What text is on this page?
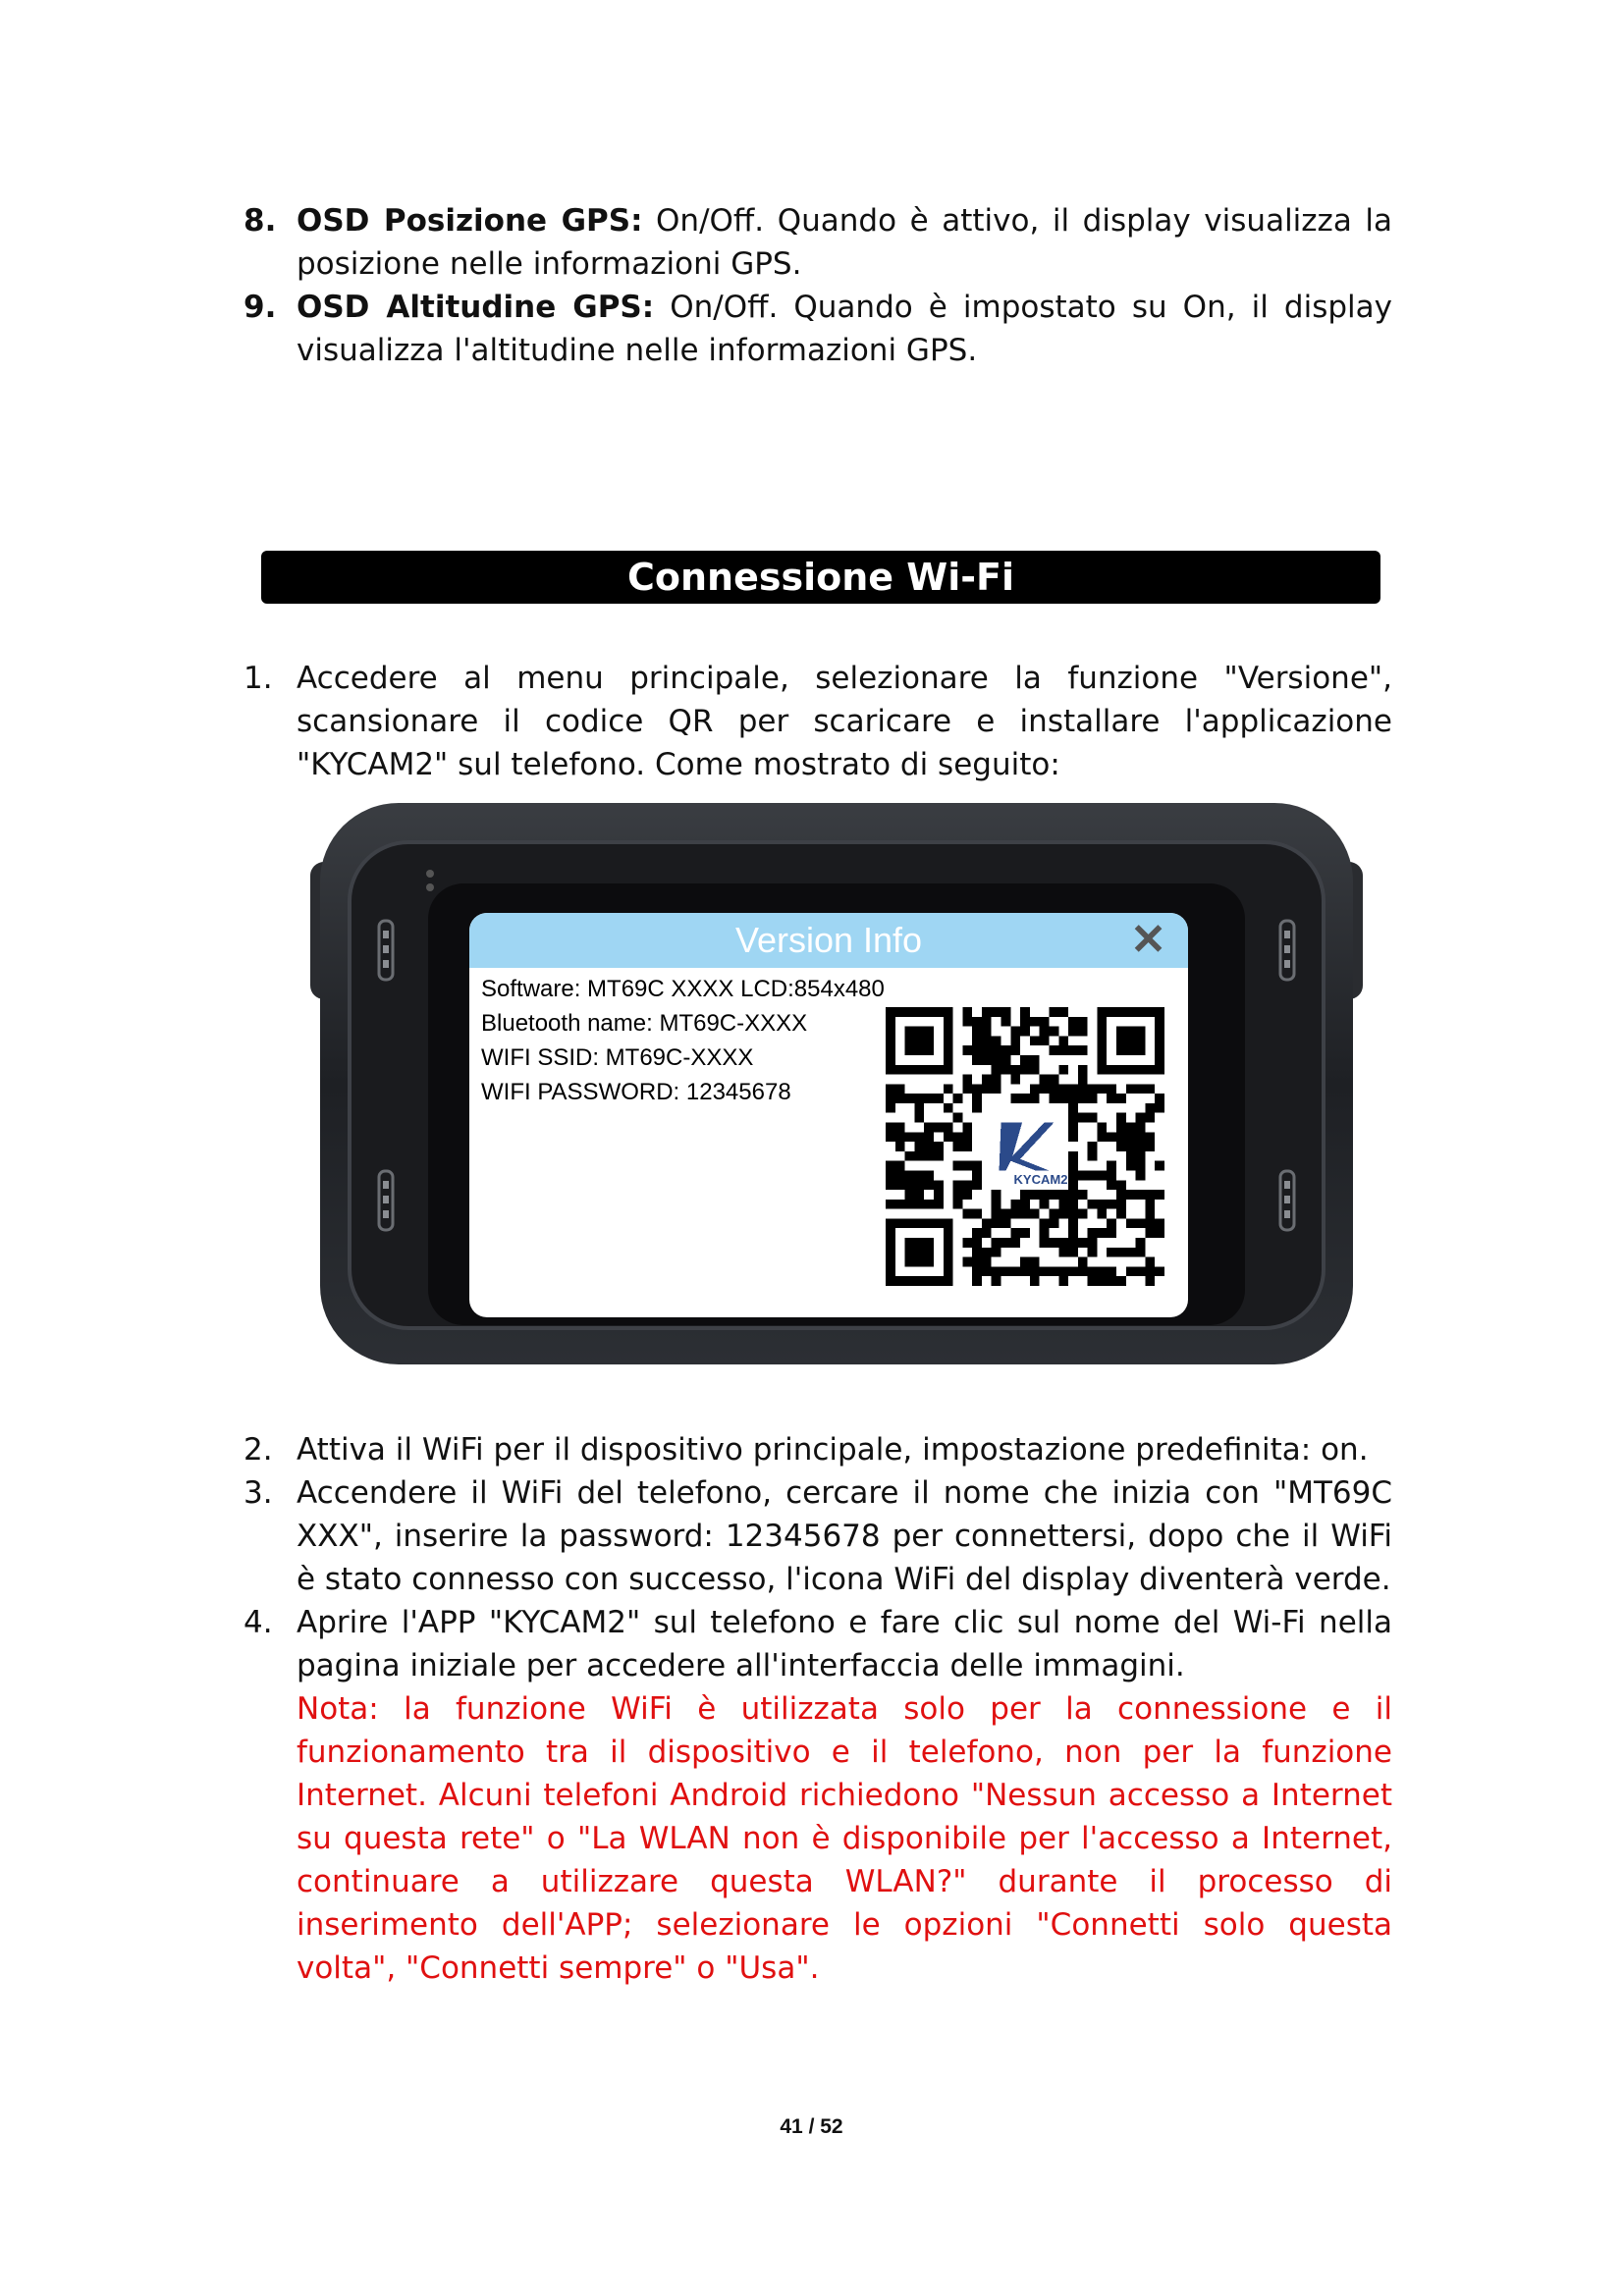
8. OSD Posizione GPS: On/Off. Quando è attivo, il display visualizza la posizione nelle informazioni GPS.
9. OSD Altitudine GPS: On/Off. Quando è impostato su On, il display visualizza l'altitudine nelle informazioni GPS.
Connessione Wi-Fi
1. Accedere al menu principale, selezionare la funzione "Versione", scansionare il codice QR per scaricare e installare l'applicazione "KYCAM2" sul telefono. Come mostrato di seguito:
Version Info	✕
Software: MT69C XXXX LCD:854x480
Bluetooth name: MT69C-XXXX
WIFI SSID: MT69C-XXXX
WIFI PASSWORD: 12345678
KYCAM2
2. Attiva il WiFi per il dispositivo principale, impostazione predefinita: on.
3. Accendere il WiFi del telefono, cercare il nome che inizia con "MT69C XXX", inserire la password: 12345678 per connettersi, dopo che il WiFi è stato connesso con successo, l'icona WiFi del display diventerà verde.
4. Aprire l'APP "KYCAM2" sul telefono e fare clic sul nome del Wi-Fi nella pagina iniziale per accedere all'interfaccia delle immagini.
Nota: la funzione WiFi è utilizzata solo per la connessione e il funzionamento tra il dispositivo e il telefono, non per la funzione Internet. Alcuni telefoni Android richiedono "Nessun accesso a Internet su questa rete" o "La WLAN non è disponibile per l'accesso a Internet, continuare a utilizzare questa WLAN?" durante il processo di inserimento dell'APP; selezionare le opzioni "Connetti solo questa volta", "Connetti sempre" o "Usa".
41 / 52
